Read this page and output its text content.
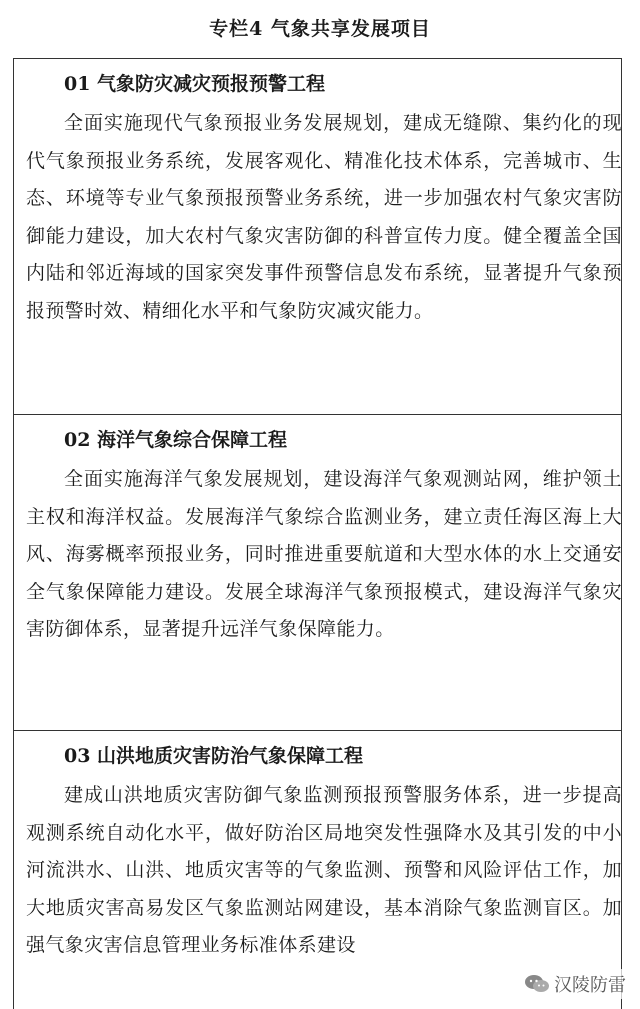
专栏4 气象共享发展项目
01 气象防灾减灾预报预警工程
全面实施现代气象预报业务发展规划，建成无缝隙、集约化的现代气象预报业务系统，发展客观化、精准化技术体系，完善城市、生态、环境等专业气象预报预警业务系统，进一步加强农村气象灾害防御能力建设，加大农村气象灾害防御的科普宣传力度。健全覆盖全国内陆和邻近海域的国家突发事件预警信息发布系统，显著提升气象预报预警时效、精细化水平和气象防灾减灾能力。
02 海洋气象综合保障工程
全面实施海洋气象发展规划，建设海洋气象观测站网，维护领土主权和海洋权益。发展海洋气象综合监测业务，建立责任海区海上大风、海雾概率预报业务，同时推进重要航道和大型水体的水上交通安全气象保障能力建设。发展全球海洋气象预报模式，建设海洋气象灾害防御体系，显著提升远洋气象保障能力。
03 山洪地质灾害防治气象保障工程
建成山洪地质灾害防御气象监测预报预警服务体系，进一步提高观测系统自动化水平，做好防治区局地突发性强降水及其引发的中小河流洪水、山洪、地质灾害等的气象监测、预警和风险评估工作，加大地质灾害高易发区气象监测站网建设，基本消除气象监测盲区。加强气象灾害信息管理业务标准体系建设
汉陵防雷
